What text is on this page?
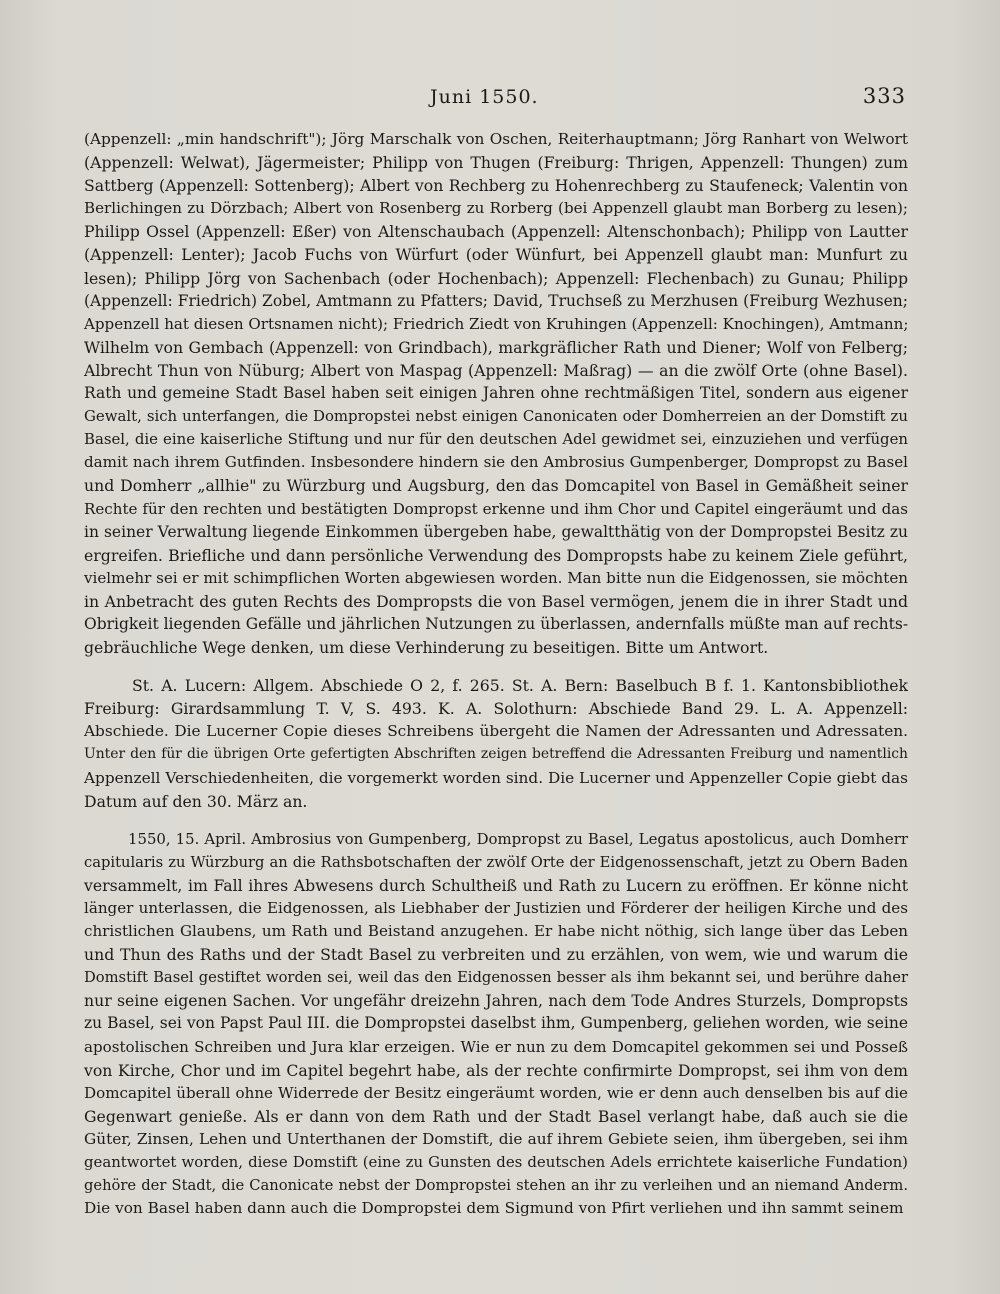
Juni 1550.	333
(Appenzell: „min handschrift"); Jörg Marschalk von Oschen, Reiterhauptmann; Jörg Ranhart von Welwort
(Appenzell: Welwat), Jägermeister; Philipp von Thugen (Freiburg: Thrigen, Appenzell: Thungen) zum
Sattberg (Appenzell: Sottenberg); Albert von Rechberg zu Hohenrechberg zu Staufeneck; Valentin von
Berlichingen zu Dörzbach; Albert von Rosenberg zu Rorberg (bei Appenzell glaubt man Borberg zu lesen);
Philipp Ossel (Appenzell: Eßer) von Altenschaubach (Appenzell: Altenschonbach); Philipp von Lautter
(Appenzell: Lenter); Jacob Fuchs von Würfurt (oder Wünfurt, bei Appenzell glaubt man: Munfurt zu
lesen); Philipp Jörg von Sachenbach (oder Hochenbach); Appenzell: Flechenbach) zu Gunau; Philipp
(Appenzell: Friedrich) Zobel, Amtmann zu Pfatters; David, Truchseß zu Merzhusen (Freiburg Wezhusen;
Appenzell hat diesen Ortsnamen nicht); Friedrich Ziedt von Kruhingen (Appenzell: Knochingen), Amtmann;
Wilhelm von Gembach (Appenzell: von Grindbach), markgräflicher Rath und Diener; Wolf von Felberg;
Albrecht Thun von Nüburg; Albert von Maspag (Appenzell: Maßrag) — an die zwölf Orte (ohne Basel).
Rath und gemeine Stadt Basel haben seit einigen Jahren ohne rechtmäßigen Titel, sondern aus eigener
Gewalt, sich unterfangen, die Dompropstei nebst einigen Canonicaten oder Domherreien an der Domstift zu
Basel, die eine kaiserliche Stiftung und nur für den deutschen Adel gewidmet sei, einzuziehen und verfügen
damit nach ihrem Gutfinden. Insbesondere hindern sie den Ambrosius Gumpenberger, Dompropst zu Basel
und Domherr „allhie" zu Würzburg und Augsburg, den das Domcapitel von Basel in Gemäßheit seiner
Rechte für den rechten und bestätigten Dompropst erkenne und ihm Chor und Capitel eingeräumt und das
in seiner Verwaltung liegende Einkommen übergeben habe, gewaltthätig von der Dompropstei Besitz zu
ergreifen. Briefliche und dann persönliche Verwendung des Dompropsts habe zu keinem Ziele geführt,
vielmehr sei er mit schimpflichen Worten abgewiesen worden. Man bitte nun die Eidgenossen, sie möchten
in Anbetracht des guten Rechts des Dompropsts die von Basel vermögen, jenem die in ihrer Stadt und
Obrigkeit liegenden Gefälle und jährlichen Nutzungen zu überlassen, andernfalls müßte man auf rechts-
gebräuchliche Wege denken, um diese Verhinderung zu beseitigen. Bitte um Antwort.
St. A. Lucern: Allgem. Abschiede O 2, f. 265. St. A. Bern: Baselbuch B f. 1. Kantonsbibliothek
Freiburg: Girardsammlung T. V, S. 493. K. A. Solothurn: Abschiede Band 29. L. A. Appenzell:
Abschiede. Die Lucerner Copie dieses Schreibens übergeht die Namen der Adressanten und Adressaten.
Unter den für die übrigen Orte gefertigten Abschriften zeigen betreffend die Adressanten Freiburg und namentlich
Appenzell Verschiedenheiten, die vorgemerkt worden sind. Die Lucerner und Appenzeller Copie giebt das
Datum auf den 30. März an.
1550, 15. April. Ambrosius von Gumpenberg, Dompropst zu Basel, Legatus apostolicus, auch Domherr
capitularis zu Würzburg an die Rathsbotschaften der zwölf Orte der Eidgenossenschaft, jetzt zu Obern Baden
versammelt, im Fall ihres Abwesens durch Schultheiß und Rath zu Lucern zu eröffnen. Er könne nicht
länger unterlassen, die Eidgenossen, als Liebhaber der Justizien und Förderer der heiligen Kirche und des
christlichen Glaubens, um Rath und Beistand anzugehen. Er habe nicht nöthig, sich lange über das Leben
und Thun des Raths und der Stadt Basel zu verbreiten und zu erzählen, von wem, wie und warum die
Domstift Basel gestiftet worden sei, weil das den Eidgenossen besser als ihm bekannt sei, und berühre daher
nur seine eigenen Sachen. Vor ungefähr dreizehn Jahren, nach dem Tode Andres Sturzels, Dompropsts
zu Basel, sei von Papst Paul III. die Dompropstei daselbst ihm, Gumpenberg, geliehen worden, wie seine
apostolischen Schreiben und Jura klar erzeigen. Wie er nun zu dem Domcapitel gekommen sei und Posseß
von Kirche, Chor und im Capitel begehrt habe, als der rechte confirmirte Dompropst, sei ihm von dem
Domcapitel überall ohne Widerrede der Besitz eingeräumt worden, wie er denn auch denselben bis auf die
Gegenwart genieße. Als er dann von dem Rath und der Stadt Basel verlangt habe, daß auch sie die
Güter, Zinsen, Lehen und Unterthanen der Domstift, die auf ihrem Gebiete seien, ihm übergeben, sei ihm
geantwortet worden, diese Domstift (eine zu Gunsten des deutschen Adels errichtete kaiserliche Fundation)
gehöre der Stadt, die Canonicate nebst der Dompropstei stehen an ihr zu verleihen und an niemand Anderm.
Die von Basel haben dann auch die Dompropstei dem Sigmund von Pfirt verliehen und ihn sammt seinem
